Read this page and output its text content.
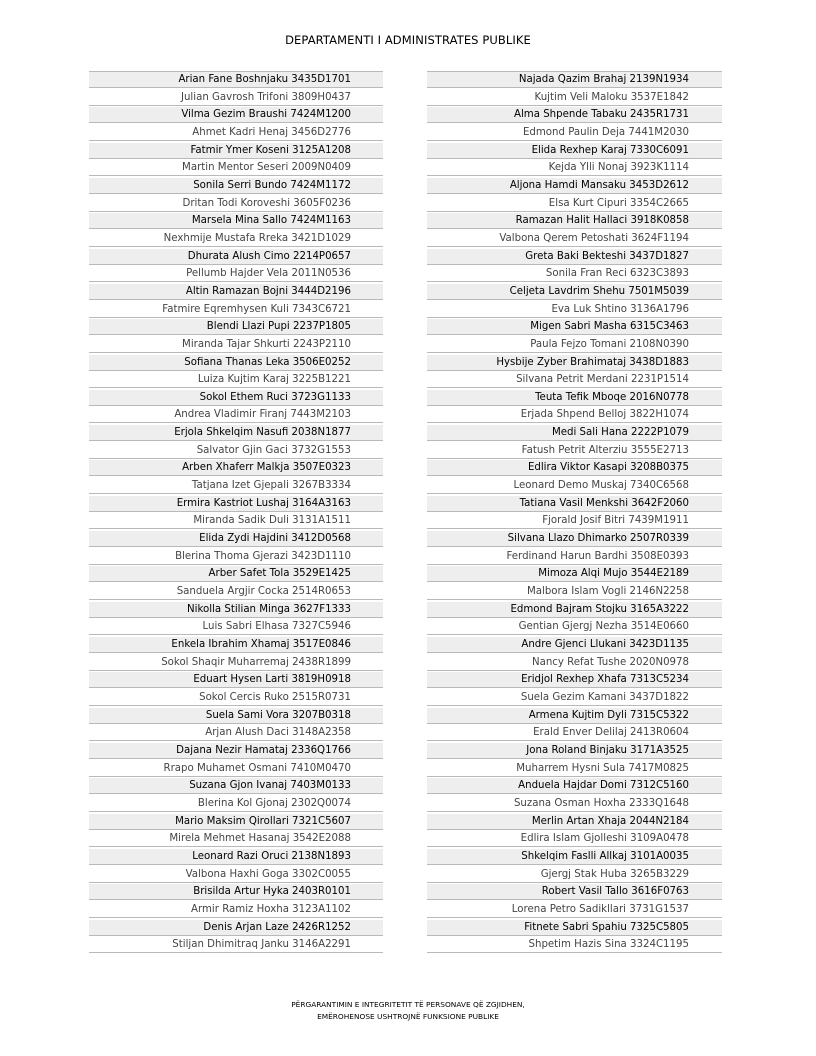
DEPARTAMENTI I ADMINISTRATES PUBLIKE
Arian Fane Boshnjaku 3435D1701
Julian Gavrosh Trifoni 3809H0437
Vilma Gezim Braushi 7424M1200
Ahmet Kadri Henaj 3456D2776
Fatmir Ymer Koseni 3125A1208
Martin Mentor Seseri 2009N0409
Sonila Serri Bundo 7424M1172
Dritan Todi Koroveshi 3605F0236
Marsela Mina Sallo 7424M1163
Nexhmije Mustafa Rreka 3421D1029
Dhurata Alush Cimo 2214P0657
Pellumb Hajder Vela 2011N0536
Altin Ramazan Bojni 3444D2196
Fatmire Eqremhysen Kuli 7343C6721
Blendi Llazi Pupi 2237P1805
Miranda Tajar Shkurti 2243P2110
Sofiana Thanas Leka 3506E0252
Luiza Kujtim Karaj 3225B1221
Sokol Ethem Ruci 3723G1133
Andrea Vladimir Firanj 7443M2103
Erjola Shkelqim Nasufi 2038N1877
Salvator Gjin Gaci 3732G1553
Arben Xhaferr Malkja 3507E0323
Tatjana Izet Gjepali 3267B3334
Ermira Kastriot Lushaj 3164A3163
Miranda Sadik Duli 3131A1511
Elida Zydi Hajdini 3412D0568
Blerina Thoma Gjerazi 3423D1110
Arber Safet Tola 3529E1425
Sanduela Argjir Cocka 2514R0653
Nikolla Stilian Minga 3627F1333
Luis Sabri Elhasa 7327C5946
Enkela Ibrahim Xhamaj 3517E0846
Sokol Shaqir Muharremaj 2438R1899
Eduart Hysen Larti 3819H0918
Sokol Cercis Ruko 2515R0731
Suela Sami Vora 3207B0318
Arjan Alush Daci 3148A2358
Dajana Nezir Hamataj 2336Q1766
Rrapo Muhamet Osmani 7410M0470
Suzana Gjon Ivanaj 7403M0133
Blerina Kol Gjonaj 2302Q0074
Mario Maksim Qirollari 7321C5607
Mirela Mehmet Hasanaj 3542E2088
Leonard Razi Oruci 2138N1893
Valbona Haxhi Goga 3302C0055
Brisilda Artur Hyka 2403R0101
Armir Ramiz Hoxha 3123A1102
Denis Arjan Laze 2426R1252
Stiljan Dhimitraq Janku 3146A2291
Najada Qazim Brahaj 2139N1934
Kujtim Veli Maloku 3537E1842
Alma Shpende Tabaku 2435R1731
Edmond Paulin Deja 7441M2030
Elida Rexhep Karaj 7330C6091
Kejda Ylli Nonaj 3923K1114
Aljona Hamdi Mansaku 3453D2612
Elsa Kurt Cipuri 3354C2665
Ramazan Halit Hallaci 3918K0858
Valbona Qerem Petoshati 3624F1194
Greta Baki Bekteshi 3437D1827
Sonila Fran Reci 6323C3893
Celjeta Lavdrim Shehu 7501M5039
Eva Luk Shtino 3136A1796
Migen Sabri Masha 6315C3463
Paula Fejzo Tomani 2108N0390
Hysbije Zyber Brahimataj 3438D1883
Silvana Petrit Merdani 2231P1514
Teuta Tefik Mboqe 2016N0778
Erjada Shpend Belloj 3822H1074
Medi Sali Hana 2222P1079
Fatush Petrit Alterziu 3555E2713
Edlira Viktor Kasapi 3208B0375
Leonard Demo Muskaj 7340C6568
Tatiana Vasil Menkshi 3642F2060
Fjorald Josif Bitri 7439M1911
Silvana Llazo Dhimarko 2507R0339
Ferdinand Harun Bardhi 3508E0393
Mimoza Alqi Mujo 3544E2189
Malbora Islam Vogli 2146N2258
Edmond Bajram Stojku 3165A3222
Gentian Gjergj Nezha 3514E0660
Andre Gjenci Llukani 3423D1135
Nancy Refat Tushe 2020N0978
Eridjol Rexhep Xhafa 7313C5234
Suela Gezim Kamani 3437D1822
Armena Kujtim Dyli 7315C5322
Erald Enver Delilaj 2413R0604
Jona Roland Binjaku 3171A3525
Muharrem Hysni Sula 7417M0825
Anduela Hajdar Domi 7312C5160
Suzana Osman Hoxha 2333Q1648
Merlin Artan Xhaja 2044N2184
Edlira Islam Gjolleshi 3109A0478
Shkelqim Faslli Allkaj 3101A0035
Gjergj Stak Huba 3265B3229
Robert Vasil Tallo 3616F0763
Lorena Petro Sadikllari 3731G1537
Fitnete Sabri Spahiu 7325C5805
Shpetim Hazis Sina 3324C1195
PËRGARANTIMIN E INTEGRITETIT TË PERSONAVE QË ZGJIDHEN,
EMËROHENOSE USHTROJNË FUNKSIONE PUBLIKE
